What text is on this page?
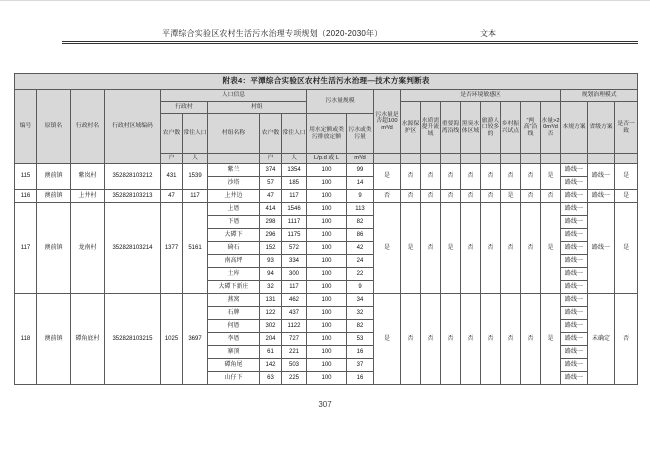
平潭综合实验区农村生活污水治理专项规划（2020-2030年）	文本
附表4：平潭综合实验区农村生活污水治理—技术方案判断表																						
编号	原镇名	行政村名	行政村区域编码	人口信息					污水量规模		污水量是否超100m³/d	是否环境敏感区								规划治理模式		
				行政村		村组						水源保护区	水质需提升流域	重要海湾沿线	黑臭水体区域	旅游人口较多的	乡村振兴试点	“两高”沿线	水量>20m³/d否	本规方案	省级方案	是否一致
				农户数	常住人口	村组名称	农户数	常住人口	用水定额或类污排放定额	污水或类污量												
				户	人		户	人	L/p.d 或 L	m³/d												
115	澳前镇	紫岚村	352828103212	431	1539	紫兰	374	1354	100	99	是	否	否	否	否	否	否	否	是	路线一	路线一	是
						沙塔	57	185	100	14										路线一		
116	澳前镇	上井村	352828103213	47	117	上井边	47	117	100	9	否	否	否	否	否	否	是	否	否	路线一	路线一	是
117	澳前镇	龙南村	352828103214	1377	5161	上厝	414	1546	100	113	是	是	否	是	否	否	否	否	是	路线一	路线一	是
						下厝	298	1117	100	82										路线一		
						大磹下	296	1175	100	86										路线一		
						碕石	152	572	100	42										路线一		
						南高坪	93	334	100	24										路线一		
						土库	94	300	100	22										路线一		
						大磹下新庄	32	117	100	9										路线一		
118	澳前镇	磹角底村	352828103215	1025	3697	燕窝	131	462	100	34	是	否	否	否	否	否	否	否	是	路线一	未确定	否
						石牌	122	437	100	32										路线一		
						何厝	302	1122	100	82										路线一		
						李厝	204	727	100	53										路线一		
						寨顶	61	221	100	16										路线一		
						磹角尾	142	503	100	37										路线一		
						山仔下	63	225	100	16										路线一		
307
